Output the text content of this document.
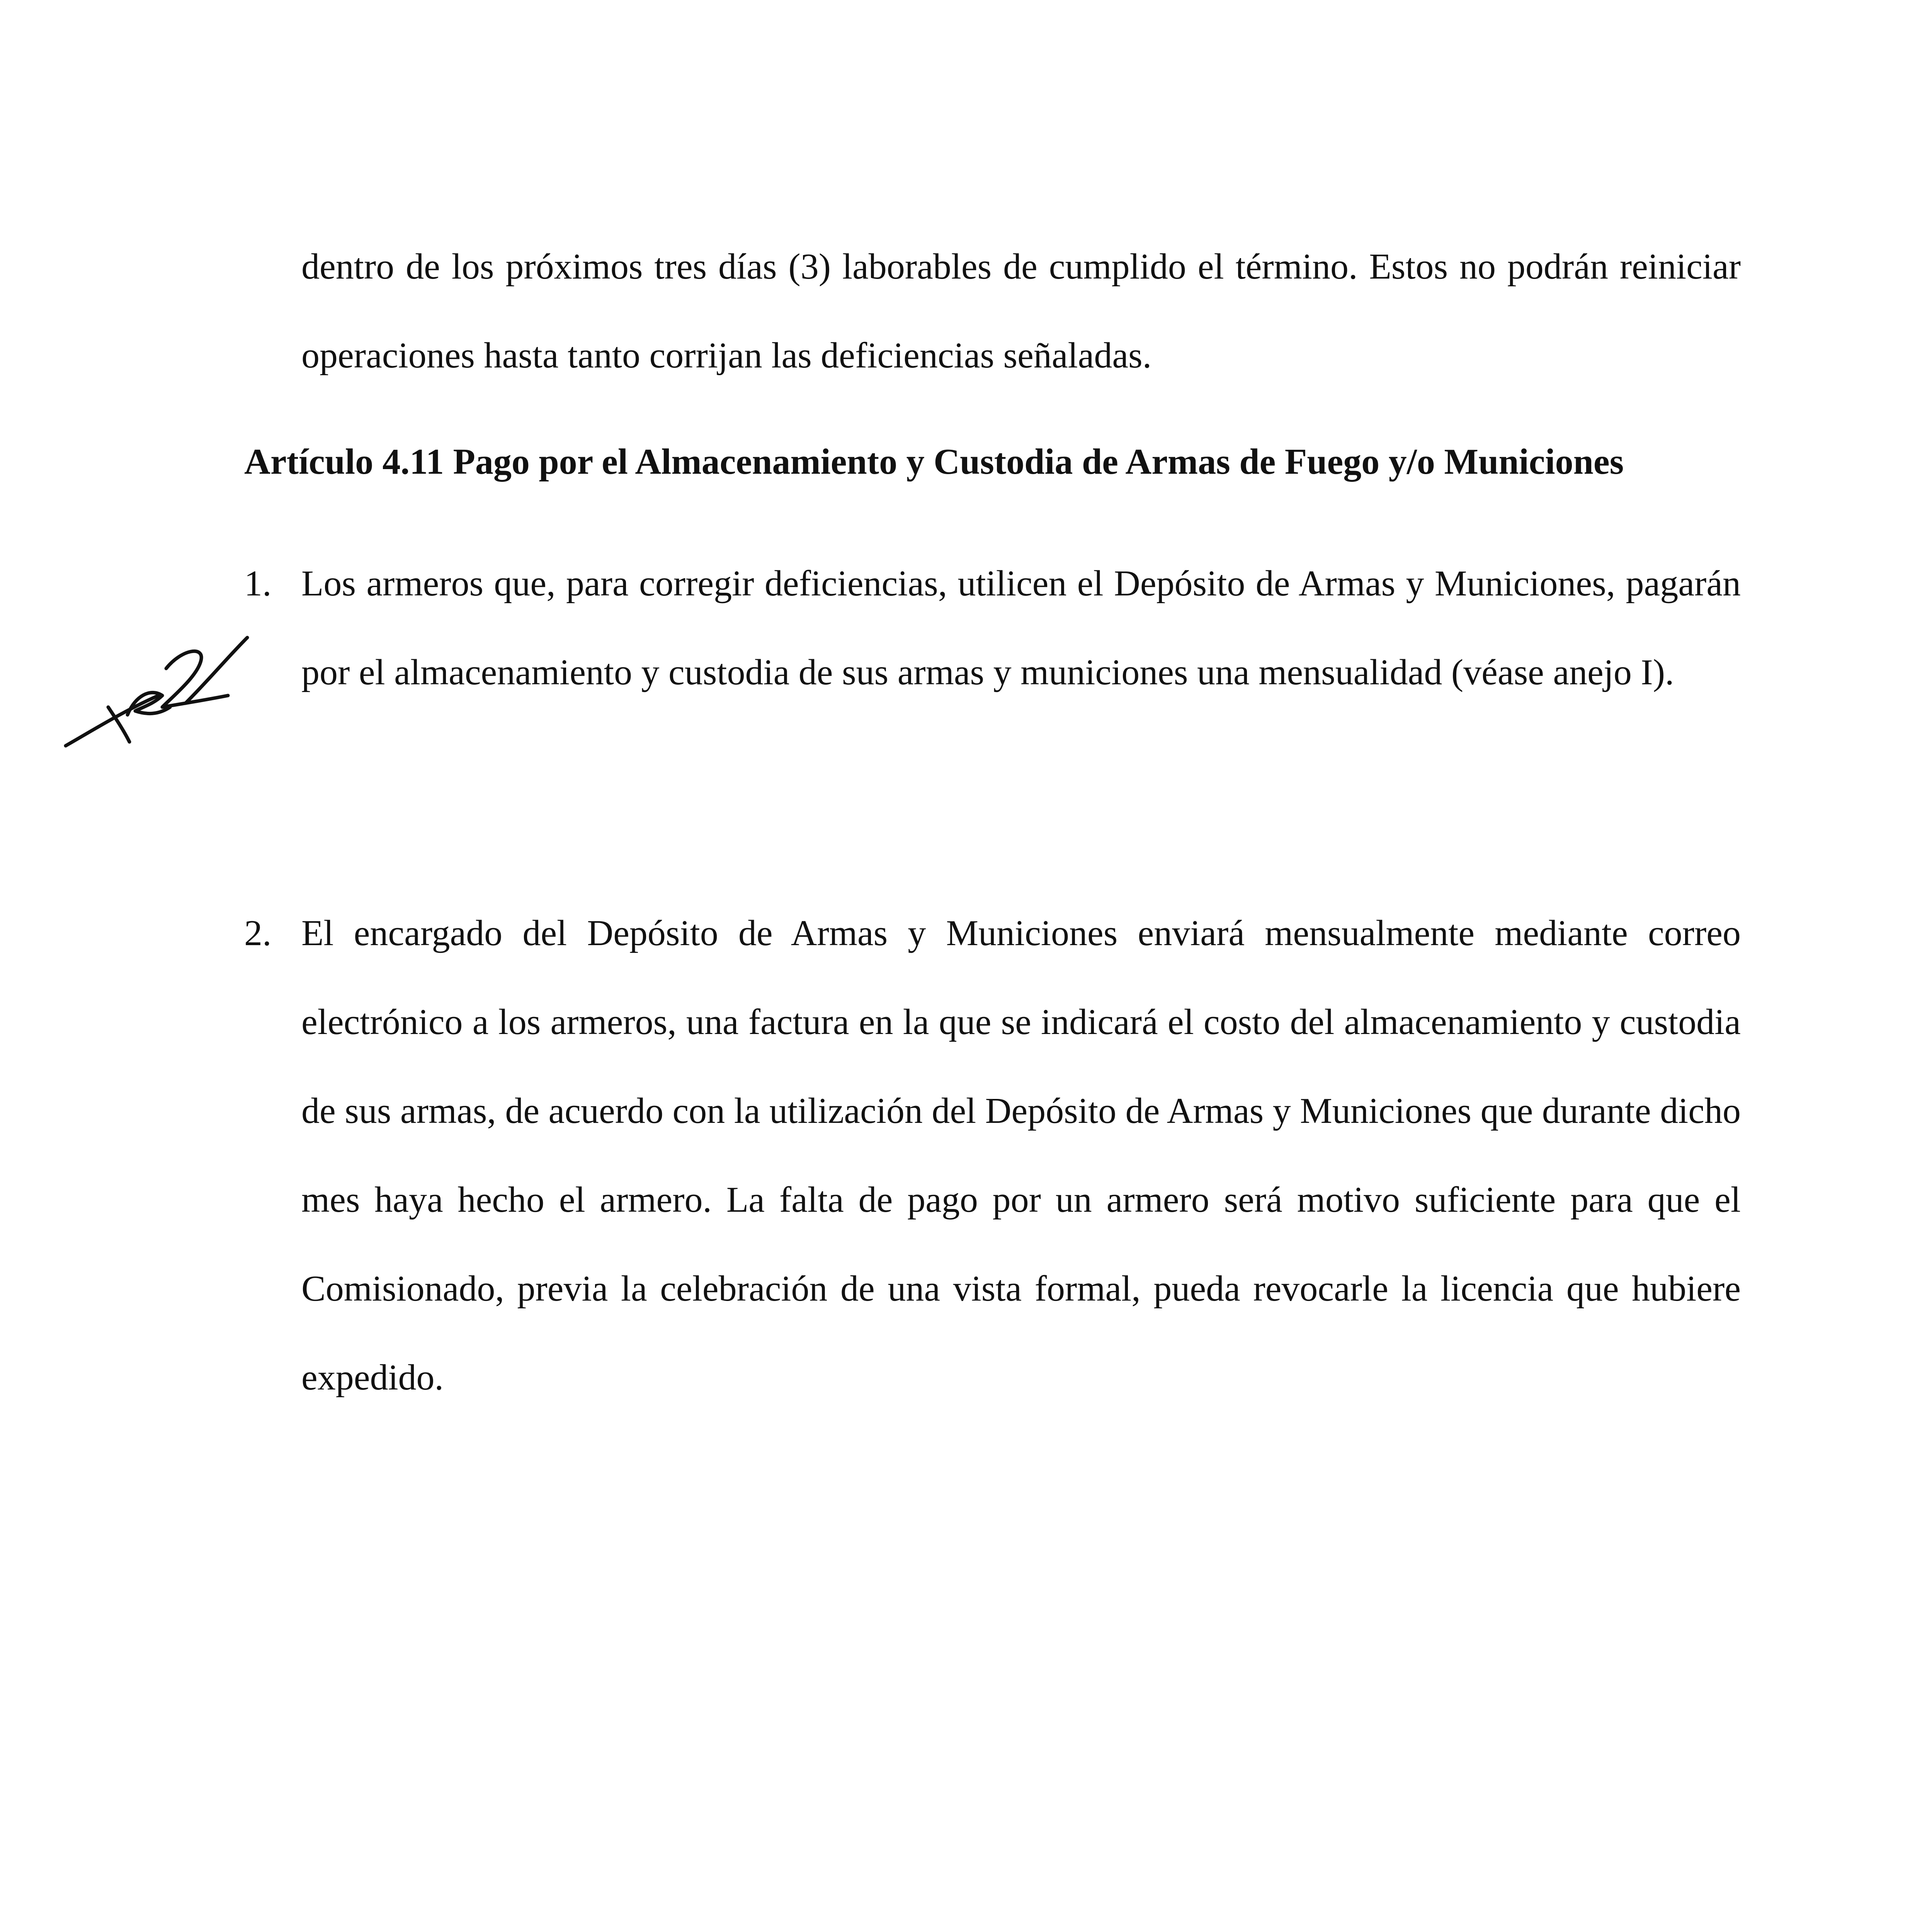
dentro de los próximos tres días (3) laborables de cumplido el término. Estos no podrán reiniciar operaciones hasta tanto corrijan las deficiencias señaladas.

Artículo 4.11 Pago por el Almacenamiento y Custodia de Armas de Fuego y/o Municiones
1. Los armeros que, para corregir deficiencias, utilicen el Depósito de Armas y Municiones, pagarán por el almacenamiento y custodia de sus armas y municiones una mensualidad (véase anejo I).

2. El encargado del Depósito de Armas y Municiones enviará mensualmente mediante correo electrónico a los armeros, una factura en la que se indicará el costo del almacenamiento y custodia de sus armas, de acuerdo con la utilización del Depósito de Armas y Municiones que durante dicho mes haya hecho el armero. La falta de pago por un armero será motivo suficiente para que el Comisionado, previa la celebración de una vista formal, pueda revocarle la licencia que hubiere expedido.
